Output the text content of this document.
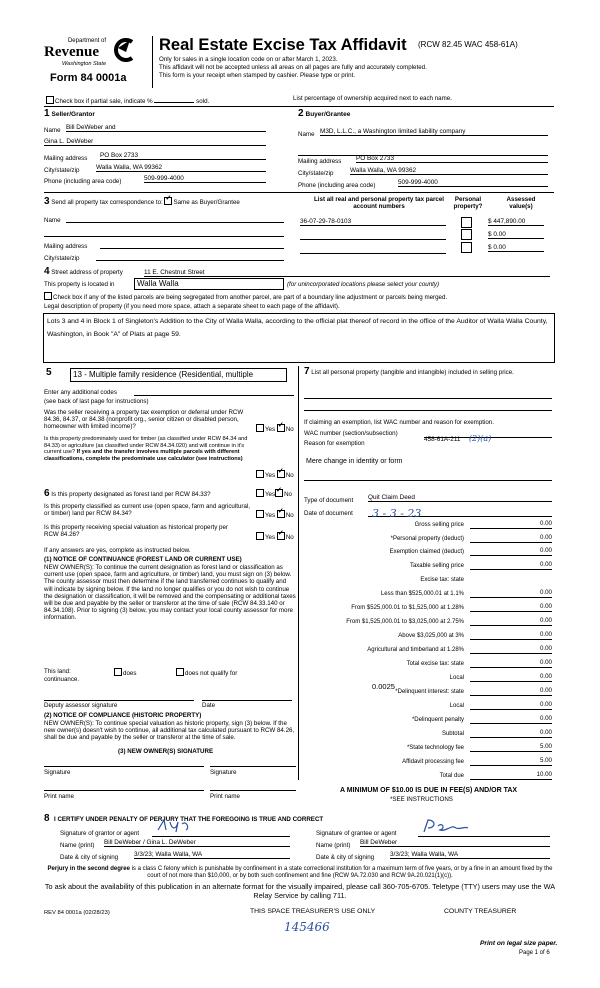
Department of
Revenue
Washington State
Form 84 0001a
Real Estate Excise Tax Affidavit (RCW 82.45 WAC 458-61A)
Only for sales in a single location code on or after March 1, 2023.
This affidavit will not be accepted unless all areas on all pages are fully and accurately completed.
This form is your receipt when stamped by cashier. Please type or print.
Check box if partial sale, indicate %	sold.	List percentage of ownership acquired next to each name.
1 Seller/Grantor
Name Bill DeWeber and
Gina L. DeWeber
Mailing address PO Box 2733
City/state/zip	Walla Walla, WA 99362
Phone (including area code)	509-999-4000
2 Buyer/Grantee
Name M3D, L.L.C., a Washington limited liability company
Mailing address PO Box 2733
City/state/zip	Walla Walla, WA 99362
Phone (including area code)	509-999-4000
3 Send all property tax correspondence to: ✓ Same as Buyer/Grantee
Name
Mailing address
City/state/zip
List all real and personal property tax parcel account numbers
Personal property?
Assessed value(s)
36-07-29-78-0103	$ 447,890.00
$ 0.00
$ 0.00
4 Street address of property	11 E. Chestnut Street
This property is located in	Walla Walla	(for unincorporated locations please select your county)
Check box if any of the listed parcels are being segregated from another parcel, are part of a boundary line adjustment or parcels being merged.
Legal description of property (if you need more space, attach a separate sheet to each page of the affidavit).
Lots 3 and 4 in Block 1 of Singleton's Addition to the City of Walla Walla, according to the official plat thereof of record in the office of the Auditor of Walla Walla County, Washington, in Book "A" of Plats at page 59.
5	13 - Multiple family residence (Residential, multiple
Enter any additional codes
(see back of last page for instructions)
Was the seller receiving a property tax exemption or deferral under RCW 84.36, 84.37, or 84.38 (nonprofit org., senior citizen or disabled person, homeowner with limited income)?	Yes ✓ No
Is this property predominately used for timber (as classified under RCW 84.34 and 84.33) or agriculture (as classified under RCW 84.34.020) and will continue in it's current use? If yes and the transfer involves multiple parcels with different classifications, complete the predominate use calculator (see instructions)
Yes ✓ No
6 Is this property designated as forest land per RCW 84.33?	Yes ✓ No
Is this property classified as current use (open space, farm and agricultural, or timber) land per RCW 84.34?	Yes ✓ No
Is this property receiving special valuation as historical property per RCW 84.26?	Yes ✓ No
If any answers are yes, complete as instructed below.
(1) NOTICE OF CONTINUANCE (FOREST LAND OR CURRENT USE)
NEW OWNER(S): To continue the current designation as forest land or classification as current use (open space, farm and agriculture, or timber) land, you must sign on (3) below. The county assessor must then determine if the land transferred continues to qualify and will indicate by signing below. If the land no longer qualifies or you do not wish to continue the designation or classification, it will be removed and the compensating or additional taxes will be due and payable by the seller or transferor at the time of sale (RCW 84.33.140 or 84.34.108). Prior to signing (3) below, you may contact your local county assessor for more information.
This land:
continuance.
does	does not qualify for
Deputy assessor signature	Date
(2) NOTICE OF COMPLIANCE (HISTORIC PROPERTY)
NEW OWNER(S): To continue special valuation as historic property, sign (3) below. If the new owner(s) doesn't wish to continue, all additional tax calculated pursuant to RCW 84.26, shall be due and payable by the seller or transferor at the time of sale.
(3) NEW OWNER(S) SIGNATURE
Signature	Signature
Print name	Print name
7 List all personal property (tangible and intangible) included in selling price.
If claiming an exemption, list WAC number and reason for exemption.
WAC number (section/subsection)
458-61A-211 (2)(a)
Reason for exemption
Mere change in identity or form
Type of document Quit Claim Deed
Date of document	3 - 3 - 23
Gross selling price	0.00
*Personal property (deduct)	0.00
Exemption claimed (deduct)	0.00
Taxable selling price	0.00
Excise tax: state
Less than $525,000.01 at 1.1%	0.00
From $525,000.01 to $1,525,000 at 1.28%	0.00
From $1,525,000.01 to $3,025,000 at 2.75%	0.00
Above $3,025,000 at 3%	0.00
Agricultural and timberland at 1.28%	0.00
Total excise tax: state	0.00
Local	0.00
*Delinquent interest: state	0.00
Local	0.00
*Delinquent penalty	0.00
Subtotal	0.00
*State technology fee	5.00
Affidavit processing fee	5.00
Total due	10.00
0.0025
A MINIMUM OF $10.00 IS DUE IN FEE(S) AND/OR TAX
*SEE INSTRUCTIONS
8 I CERTIFY UNDER PENALTY OF PERJURY THAT THE FOREGOING IS TRUE AND CORRECT
Signature of grantor or agent
Name (print) Bill DeWeber / Gina L. DeWeber
Date & city of signing 3/3/23; Walla Walla, WA
Signature of grantee or agent
Name (print) Bill DeWeber
Date & city of signing 3/3/23; Walla Walla, WA
Perjury in the second degree is a class C felony which is punishable by confinement in a state correctional institution for a maximum term of five years, or by a fine in an amount fixed by the court of not more than $10,000, or by both such confinement and fine (RCW 9A.72.030 and RCW 9A.20.021(1)(c)).
To ask about the availability of this publication in an alternate format for the visually impaired, please call 360-705-6705. Teletype (TTY) users may use the WA Relay Service by calling 711.
REV 84 0001a (02/28/23)	THIS SPACE TREASURER'S USE ONLY	COUNTY TREASURER
145466
Print on legal size paper.
Page 1 of 6
